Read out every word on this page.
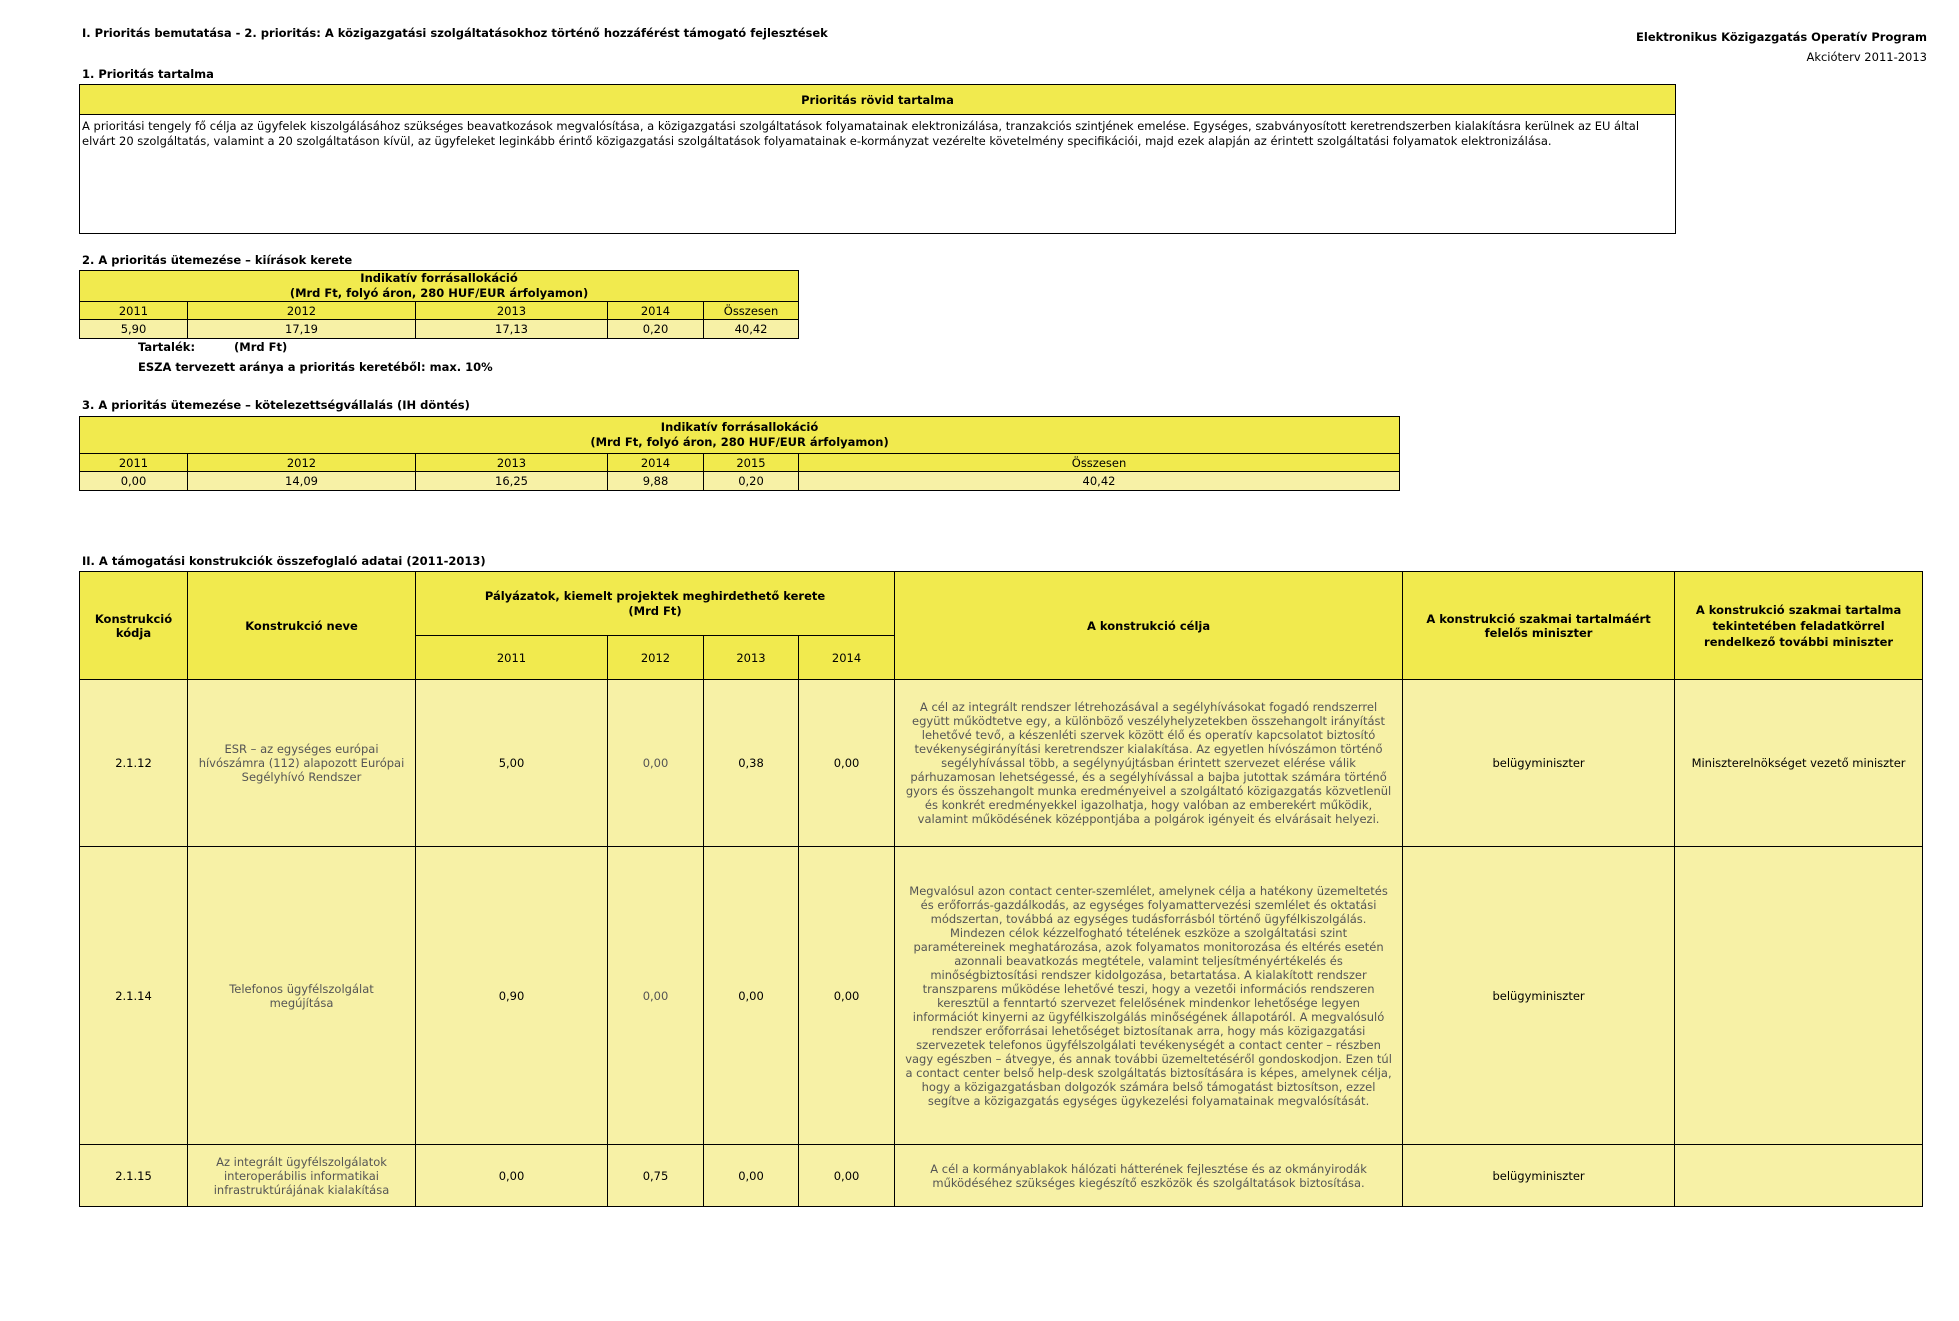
I. Prioritás bemutatása - 2. prioritás: A közigazgatási szolgáltatásokhoz történő hozzáférést támogató fejlesztések	Elektronikus Közigazgatás Operatív Program
Akcióterv 2011-2013
1. Prioritás tartalma
Prioritás rövid tartalma
A prioritási tengely fő célja az ügyfelek kiszolgálásához szükséges beavatkozások megvalósítása, a közigazgatási szolgáltatások folyamatainak elektronizálása, tranzakciós szintjének emelése. Egységes, szabványosított keretrendszerben kialakításra kerülnek az EU által elvárt 20 szolgáltatás, valamint a 20 szolgáltatáson kívül, az ügyfeleket leginkább érintő közigazgatási szolgáltatások folyamatainak e-kormányzat vezérelte követelmény specifikációi, majd ezek alapján az érintett szolgáltatási folyamatok elektronizálása.
2. A prioritás ütemezése – kiírások kerete
Indikatív forrásallokáció
(Mrd Ft, folyó áron, 280 HUF/EUR árfolyamon)				

2011	2012	2013	2014	Összesen
5,90	17,19	17,13	0,20	40,42
Tartalék:	(Mrd Ft)
ESZA tervezett aránya a prioritás keretéből: max. 10%
3. A prioritás ütemezése – kötelezettségvállalás (IH döntés)
Indikatív forrásallokáció
(Mrd Ft, folyó áron, 280 HUF/EUR árfolyamon)					

2011	2012	2013	2014	2015	Összesen
0,00	14,09	16,25	9,88	0,20	40,42
II. A támogatási konstrukciók összefoglaló adatai (2011-2013)
Konstrukció kódja	Konstrukció neve	Pályázatok, kiemelt projektek meghirdethető kerete
(Mrd Ft)				A konstrukció célja	A konstrukció szakmai tartalmáért felelős miniszter	A konstrukció szakmai tartalma tekintetében feladatkörrel rendelkező további miniszter
		2011	2012	2013	2014			
2.1.12	ESR – az egységes európai hívószámra (112) alapozott Európai Segélyhívó Rendszer	5,00	0,00	0,38	0,00	A cél az integrált rendszer létrehozásával a segélyhívásokat fogadó rendszerrel együtt működtetve egy, a különböző veszélyhelyzetekben összehangolt irányítást lehetővé tevő, a készenléti szervek között élő és operatív kapcsolatot biztosító tevékenységirányítási keretrendszer kialakítása. Az egyetlen hívószámon történő segélyhívással több, a segélynyújtásban érintett szervezet elérése válik párhuzamosan lehetségessé, és a segélyhívással a bajba jutottak számára történő gyors és összehangolt munka eredményeivel a szolgáltató közigazgatás közvetlenül és konkrét eredményekkel igazolhatja, hogy valóban az emberekért működik, valamint működésének középpontjába a polgárok igényeit és elvárásait helyezi.	belügyminiszter	Miniszterelnökséget vezető miniszter
2.1.14	Telefonos ügyfélszolgálat megújítása	0,90	0,00	0,00	0,00	Megvalósul azon contact center-szemlélet, amelynek célja a hatékony üzemeltetés és erőforrás-gazdálkodás, az egységes folyamattervezési szemlélet és oktatási módszertan, továbbá az egységes tudásforrásból történő ügyfélkiszolgálás. Mindezen célok kézzelfogható tételének eszköze a szolgáltatási szint paramétereinek meghatározása, azok folyamatos monitorozása és eltérés esetén azonnali beavatkozás megtétele, valamint teljesítményértékelés és minőségbiztosítási rendszer kidolgozása, betartatása. A kialakított rendszer transzparens működése lehetővé teszi, hogy a vezetői információs rendszeren keresztül a fenntartó szervezet felelősének mindenkor lehetősége legyen információt kinyerni az ügyfélkiszolgálás minőségének állapotáról. A megvalósuló rendszer erőforrásai lehetőséget biztosítanak arra, hogy más közigazgatási szervezetek telefonos ügyfélszolgálati tevékenységét a contact center – részben vagy egészben – átvegye, és annak további üzemeltetéséről gondoskodjon. Ezen túl a contact center belső help-desk szolgáltatás biztosítására is képes, amelynek célja, hogy a közigazgatásban dolgozók számára belső támogatást biztosítson, ezzel segítve a közigazgatás egységes ügykezelési folyamatainak megvalósítását.	belügyminiszter	
2.1.15	Az integrált ügyfélszolgálatok interoperábilis informatikai infrastruktúrájának kialakítása	0,00	0,75	0,00	0,00	A cél a kormányablakok hálózati hátterének fejlesztése és az okmányirodák működéséhez szükséges kiegészítő eszközök és szolgáltatások biztosítása.	belügyminiszter	
